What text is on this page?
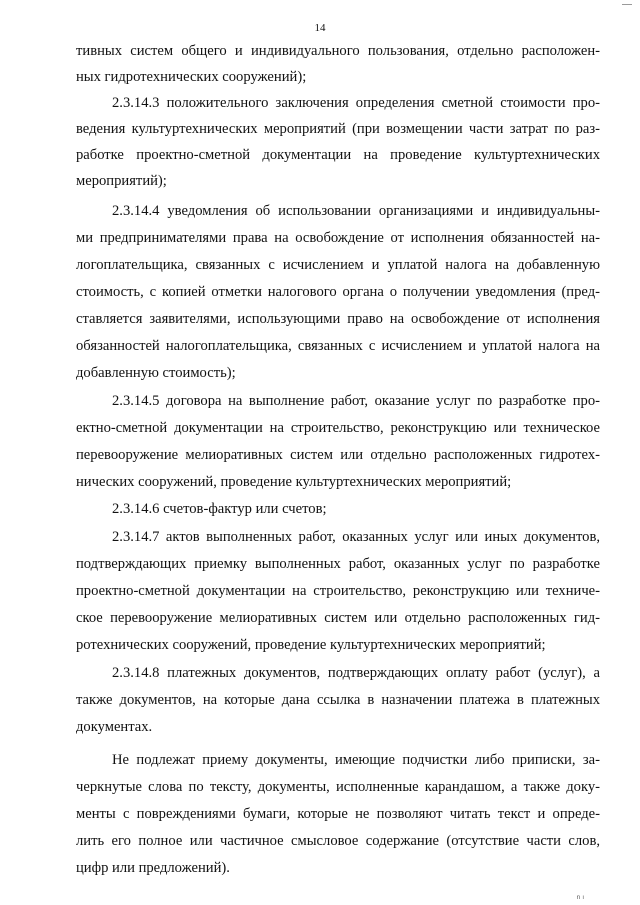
14
тивных систем общего и индивидуального пользования, отдельно расположен-
ных гидротехнических сооружений);
2.3.14.3 положительного заключения определения сметной стоимости про-
ведения культуртехнических мероприятий (при возмещении части затрат по раз-
работке проектно-сметной документации на проведение культуртехнических
мероприятий);
2.3.14.4 уведомления об использовании организациями и индивидуальны-
ми предпринимателями права на освобождение от исполнения обязанностей на-
логоплательщика, связанных с исчислением и уплатой налога на добавленную
стоимость, с копией отметки налогового органа о получении уведомления (пред-
ставляется заявителями, использующими право на освобождение от исполнения
обязанностей налогоплательщика, связанных с исчислением и уплатой налога на
добавленную стоимость);
2.3.14.5 договора на выполнение работ, оказание услуг по разработке про-
ектно-сметной документации на строительство, реконструкцию или техническое
перевооружение мелиоративных систем или отдельно расположенных гидротех-
нических сооружений, проведение культуртехнических мероприятий;
2.3.14.6 счетов-фактур или счетов;
2.3.14.7 актов выполненных работ, оказанных услуг или иных документов,
подтверждающих приемку выполненных работ, оказанных услуг по разработке
проектно-сметной документации на строительство, реконструкцию или техниче-
ское перевооружение мелиоративных систем или отдельно расположенных гид-
ротехнических сооружений, проведение культуртехнических мероприятий;
2.3.14.8 платежных документов, подтверждающих оплату работ (услуг), а
также документов, на которые дана ссылка в назначении платежа в платежных
документах.
Не подлежат приему документы, имеющие подчистки либо приписки, за-
черкнутые слова по тексту, документы, исполненные карандашом, а также доку-
менты с повреждениями бумаги, которые не позволяют читать текст и опреде-
лить его полное или частичное смысловое содержание (отсутствие части слов,
цифр или предложений).
n ı
